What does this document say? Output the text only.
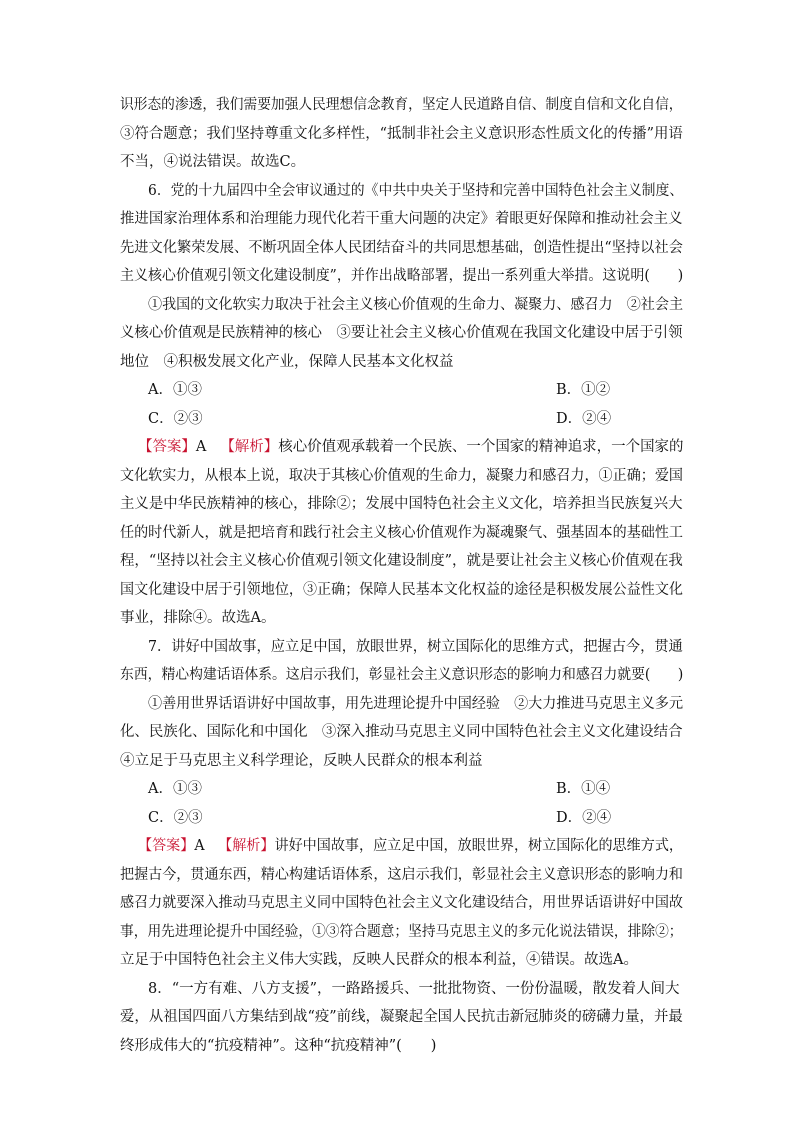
识形态的渗透，我们需要加强人民理想信念教育，坚定人民道路自信、制度自信和文化自信，
③符合题意；我们坚持尊重文化多样性，“抵制非社会主义意识形态性质文化的传播”用语
不当，④说法错误。故选C。
6．党的十九届四中全会审议通过的《中共中央关于坚持和完善中国特色社会主义制度、
推进国家治理体系和治理能力现代化若干重大问题的决定》着眼更好保障和推动社会主义
先进文化繁荣发展、不断巩固全体人民团结奋斗的共同思想基础，创造性提出“坚持以社会
主义核心价值观引领文化建设制度”，并作出战略部署，提出一系列重大举措。这说明(　　)
①我国的文化软实力取决于社会主义核心价值观的生命力、凝聚力、感召力　②社会主
义核心价值观是民族精神的核心　③要让社会主义核心价值观在我国文化建设中居于引领
地位　④积极发展文化产业，保障人民基本文化权益
A．①③	B．①②
C．②③	D．②④
【答案】A 【解析】核心价值观承载着一个民族、一个国家的精神追求，一个国家的
文化软实力，从根本上说，取决于其核心价值观的生命力，凝聚力和感召力，①正确；爱国
主义是中华民族精神的核心，排除②；发展中国特色社会主义文化，培养担当民族复兴大
任的时代新人，就是把培育和践行社会主义核心价值观作为凝魂聚气、强基固本的基础性工
程，“坚持以社会主义核心价值观引领文化建设制度”，就是要让社会主义核心价值观在我
国文化建设中居于引领地位，③正确；保障人民基本文化权益的途径是积极发展公益性文化
事业，排除④。故选A。
7．讲好中国故事，应立足中国，放眼世界，树立国际化的思维方式，把握古今，贯通
东西，精心构建话语体系。这启示我们，彰显社会主义意识形态的影响力和感召力就要(　　)
①善用世界话语讲好中国故事，用先进理论提升中国经验　②大力推进马克思主义多元
化、民族化、国际化和中国化　③深入推动马克思主义同中国特色社会主义文化建设结合
④立足于马克思主义科学理论，反映人民群众的根本利益
A．①③	B．①④
C．②③	D．②④
【答案】A 【解析】讲好中国故事，应立足中国，放眼世界，树立国际化的思维方式，
把握古今，贯通东西，精心构建话语体系，这启示我们，彰显社会主义意识形态的影响力和
感召力就要深入推动马克思主义同中国特色社会主义文化建设结合，用世界话语讲好中国故
事，用先进理论提升中国经验，①③符合题意；坚持马克思主义的多元化说法错误，排除②；
立足于中国特色社会主义伟大实践，反映人民群众的根本利益，④错误。故选A。
8．“一方有难、八方支援”，一路路援兵、一批批物资、一份份温暖，散发着人间大
爱，从祖国四面八方集结到战“疫”前线，凝聚起全国人民抗击新冠肺炎的磅礴力量，并最
终形成伟大的“抗疫精神”。这种“抗疫精神”(　　)
